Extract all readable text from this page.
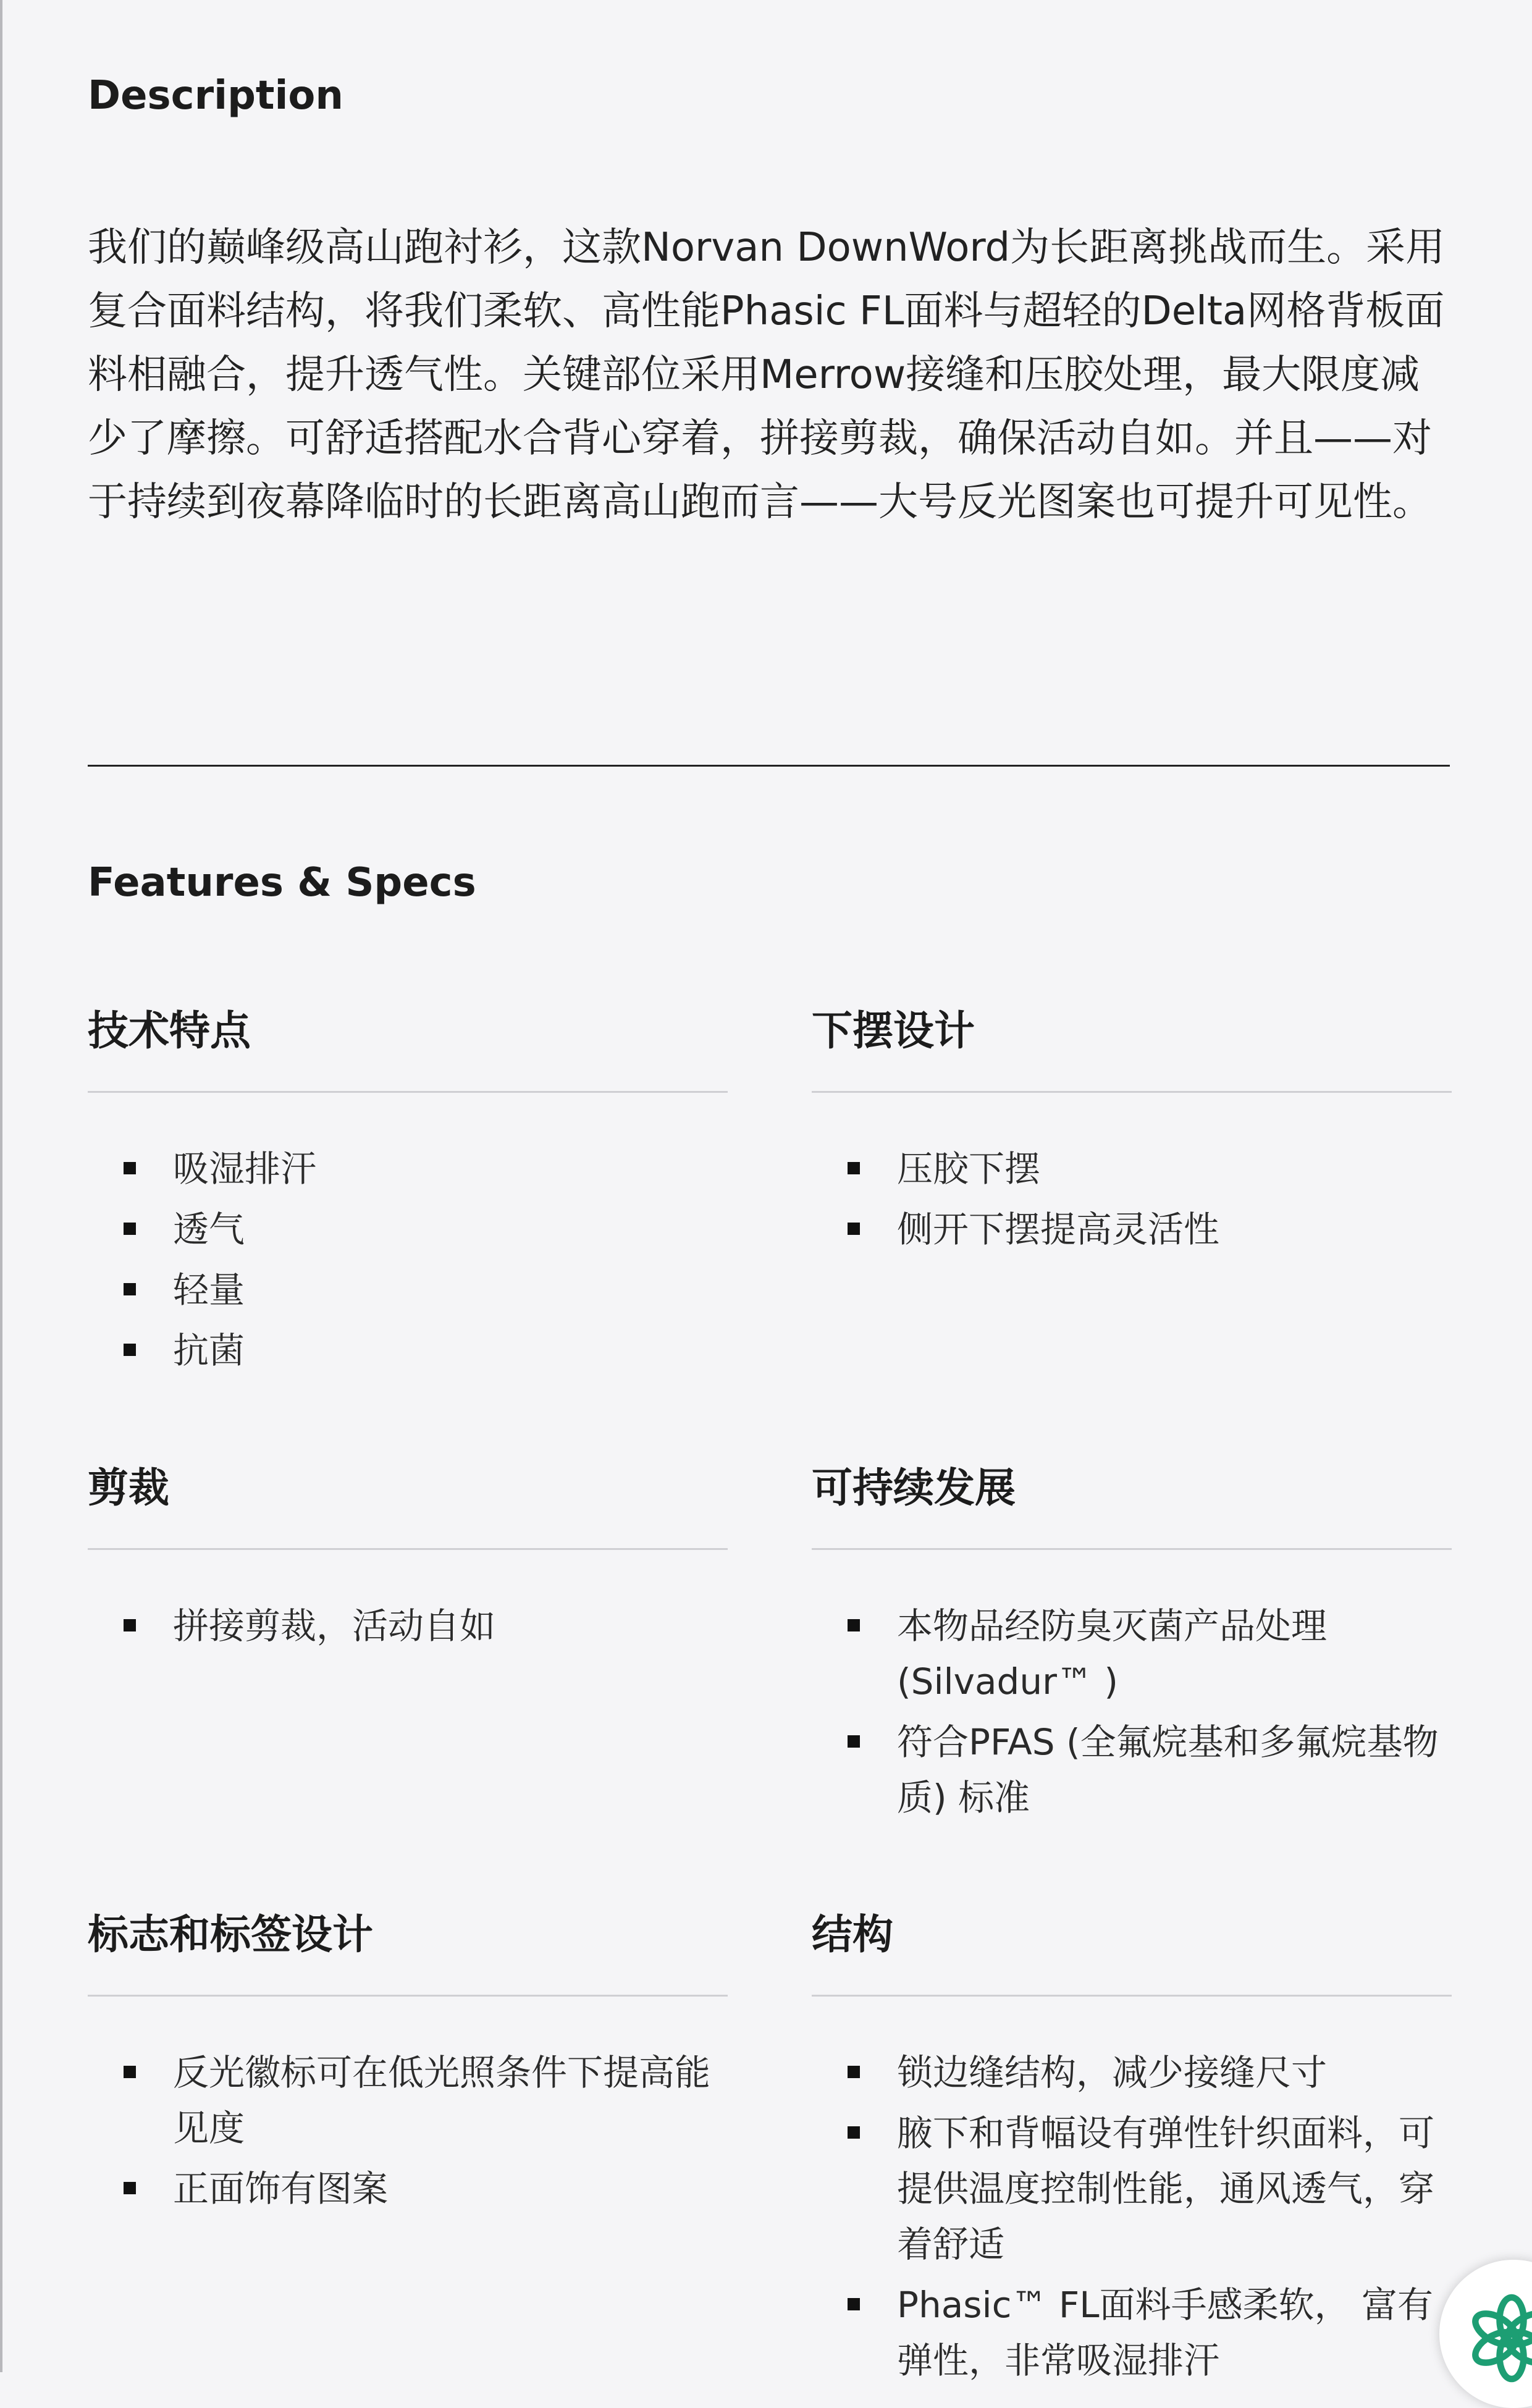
Description
我们的巅峰级高山跑衬衫，这款Norvan DownWord为长距离挑战而生。采用复合面料结构，将我们柔软、高性能Phasic FL面料与超轻的Delta网格背板面料相融合，提升透气性。关键部位采用Merrow接缝和压胶处理，最大限度减少了摩擦。可舒适搭配水合背心穿着，拼接剪裁，确保活动自如。并且——对于持续到夜幕降临时的长距离高山跑而言——大号反光图案也可提升可见性。
Features & Specs
技术特点
吸湿排汗
透气
轻量
抗菌
下摆设计
压胶下摆
侧开下摆提高灵活性
剪裁
拼接剪裁，活动自如
可持续发展
本物品经防臭灭菌产品处理 (Silvadur™ )
符合PFAS (全氟烷基和多氟烷基物质) 标准
标志和标签设计
反光徽标可在低光照条件下提高能见度
正面饰有图案
结构
锁边缝结构，减少接缝尺寸
腋下和背幅设有弹性针织面料，可提供温度控制性能，通风透气，穿着舒适
Phasic™ FL面料手感柔软， 富有弹性，非常吸湿排汗
